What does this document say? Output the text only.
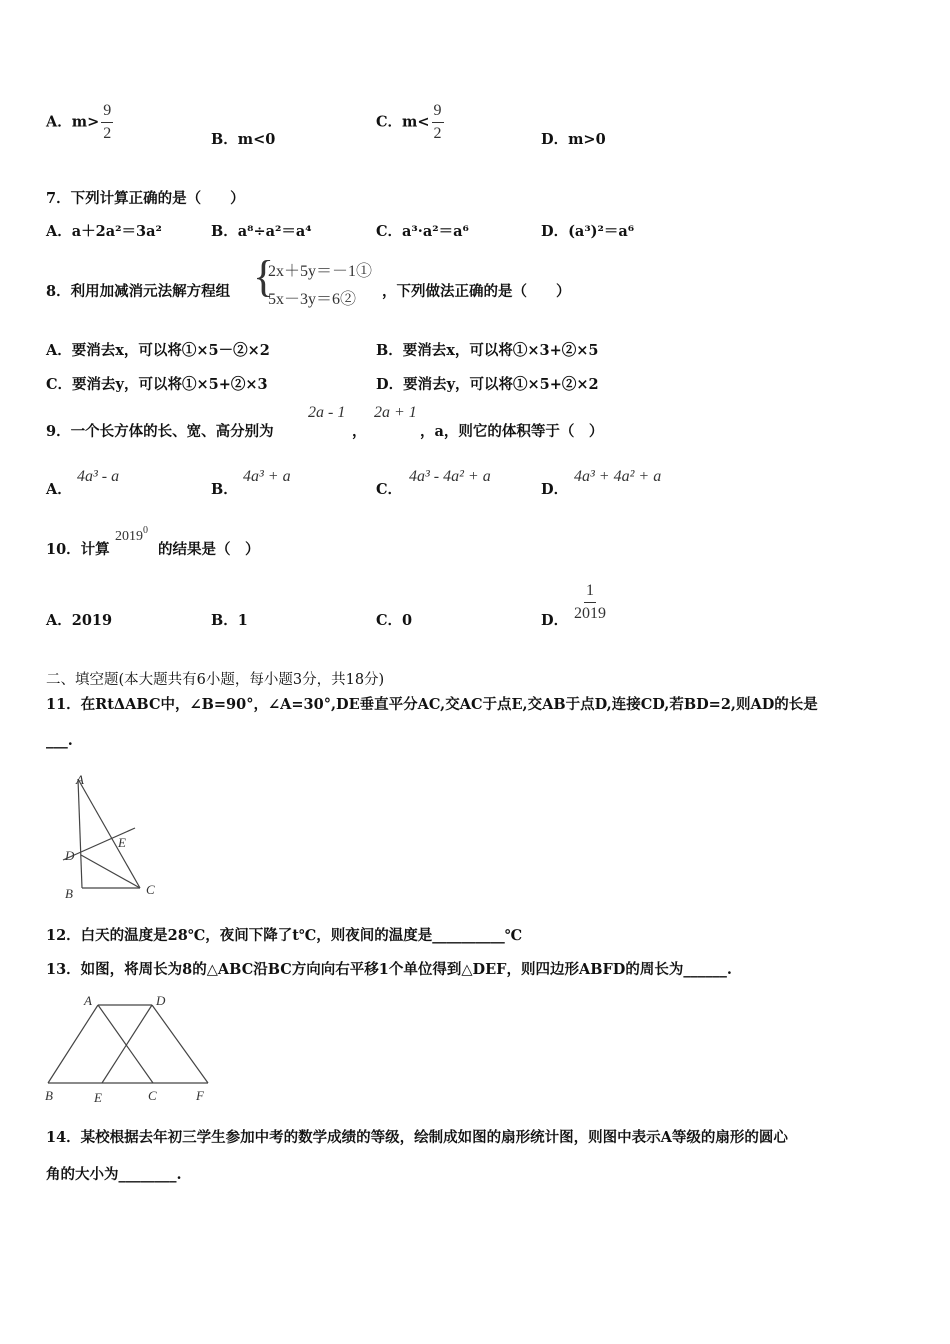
A．$m> \frac{9}{2}$	B．m<0
C．$m< \frac{9}{2}$	D．m>0
7．下列计算正确的是（　　）
A．a＋2a²＝3a²	B．a⁸÷a²＝a⁴	C．a³·a²＝a⁶	D．(a³)²＝a⁶
8．利用加减消元法解方程组 {
2x＋5y＝－1①
5x－3y＝6② ，下列做法正确的是（　　）
A．要消去x，可以将①×5－②×2	B．要消去x，可以将①×3+②×5
C．要消去y，可以将①×5+②×3	D．要消去y，可以将①×5+②×2
9．一个长方体的长、宽、高分别为
2a - 1
，
2a + 1
，a，则它的体积等于（　）
A．
4a³ - a
B．
4a³ + a
C．
4a³ - 4a² + a
D．
4a³ + 4a² + a
10．计算
2019$^0$
的结果是（　）
A．2019	B．1	C．0	D． $\frac{1}{2019}$
二、填空题(本大题共有6小题，每小题3分，共18分)
11．在RtΔABC中，∠B=90°，∠A=30°,DE垂直平分AC,交AC于点E,交AB于点D,连接CD,若BD=2,则AD的长是
___.
A
D
E
B	C
12．白天的温度是28℃，夜间下降了t℃，则夜间的温度是__________℃
13．如图，将周长为8的△ABC沿BC方向向右平移1个单位得到△DEF，则四边形ABFD的周长为______.
A	D
B	E	C	F
14．某校根据去年初三学生参加中考的数学成绩的等级，绘制成如图的扇形统计图，则图中表示A等级的扇形的圆心
角的大小为________.
